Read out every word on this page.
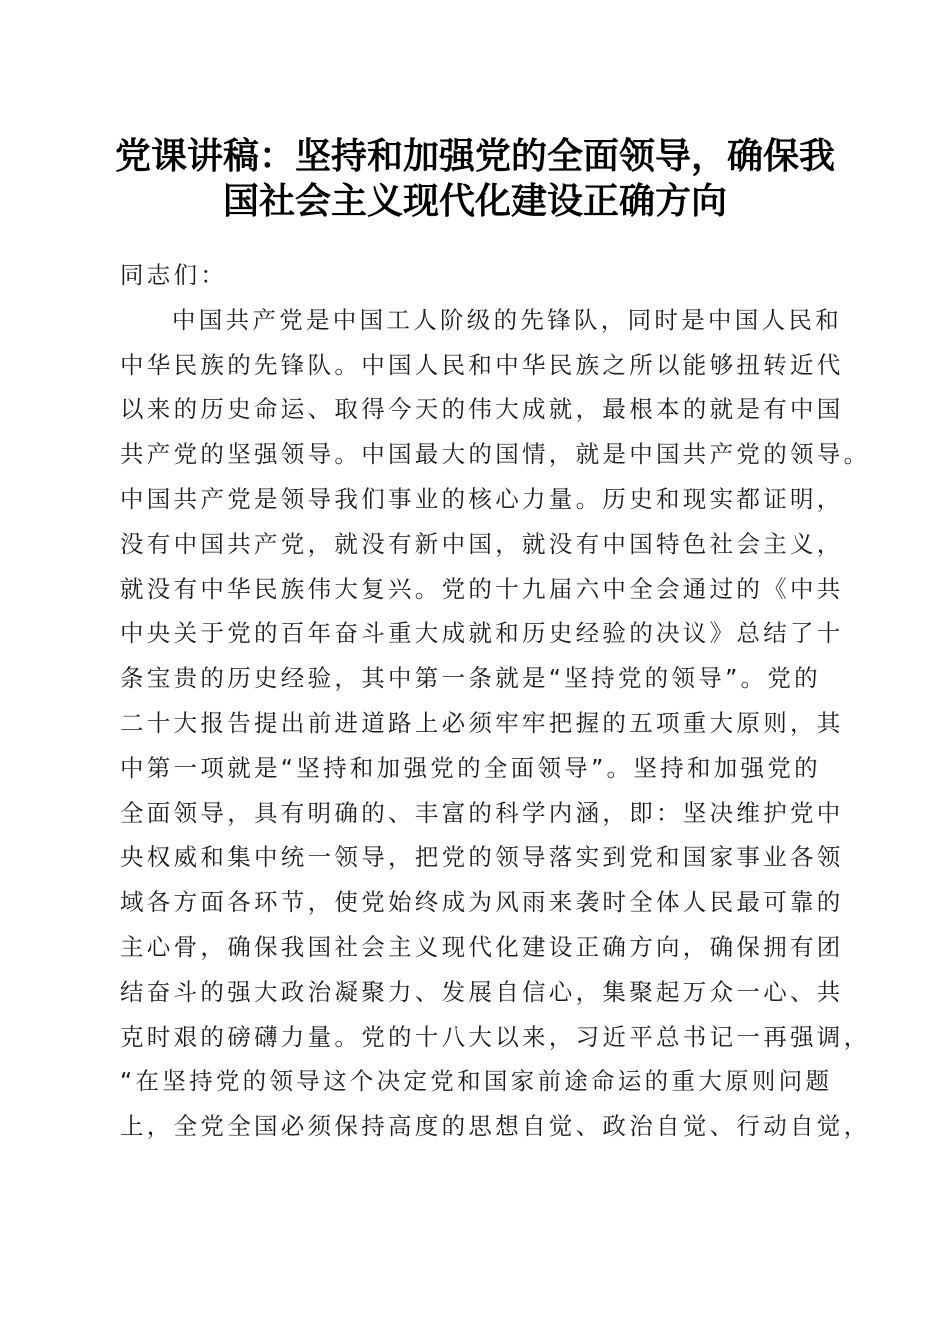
党课讲稿：坚持和加强党的全面领导，确保我
国社会主义现代化建设正确方向
同志们：
中国共产党是中国工人阶级的先锋队，同时是中国人民和
中华民族的先锋队。中国人民和中华民族之所以能够扭转近代
以来的历史命运、取得今天的伟大成就，最根本的就是有中国
共产党的坚强领导。中国最大的国情，就是中国共产党的领导。
中国共产党是领导我们事业的核心力量。历史和现实都证明，
没有中国共产党，就没有新中国，就没有中国特色社会主义，
就没有中华民族伟大复兴。党的十九届六中全会通过的《中共
中央关于党的百年奋斗重大成就和历史经验的决议》总结了十
条宝贵的历史经验，其中第一条就是“坚持党的领导”。党的
二十大报告提出前进道路上必须牢牢把握的五项重大原则，其
中第一项就是“坚持和加强党的全面领导”。坚持和加强党的
全面领导，具有明确的、丰富的科学内涵，即：坚决维护党中
央权威和集中统一领导，把党的领导落实到党和国家事业各领
域各方面各环节，使党始终成为风雨来袭时全体人民最可靠的
主心骨，确保我国社会主义现代化建设正确方向，确保拥有团
结奋斗的强大政治凝聚力、发展自信心，集聚起万众一心、共
克时艰的磅礴力量。党的十八大以来，习近平总书记一再强调，
“在坚持党的领导这个决定党和国家前途命运的重大原则问题
上，全党全国必须保持高度的思想自觉、政治自觉、行动自觉，
